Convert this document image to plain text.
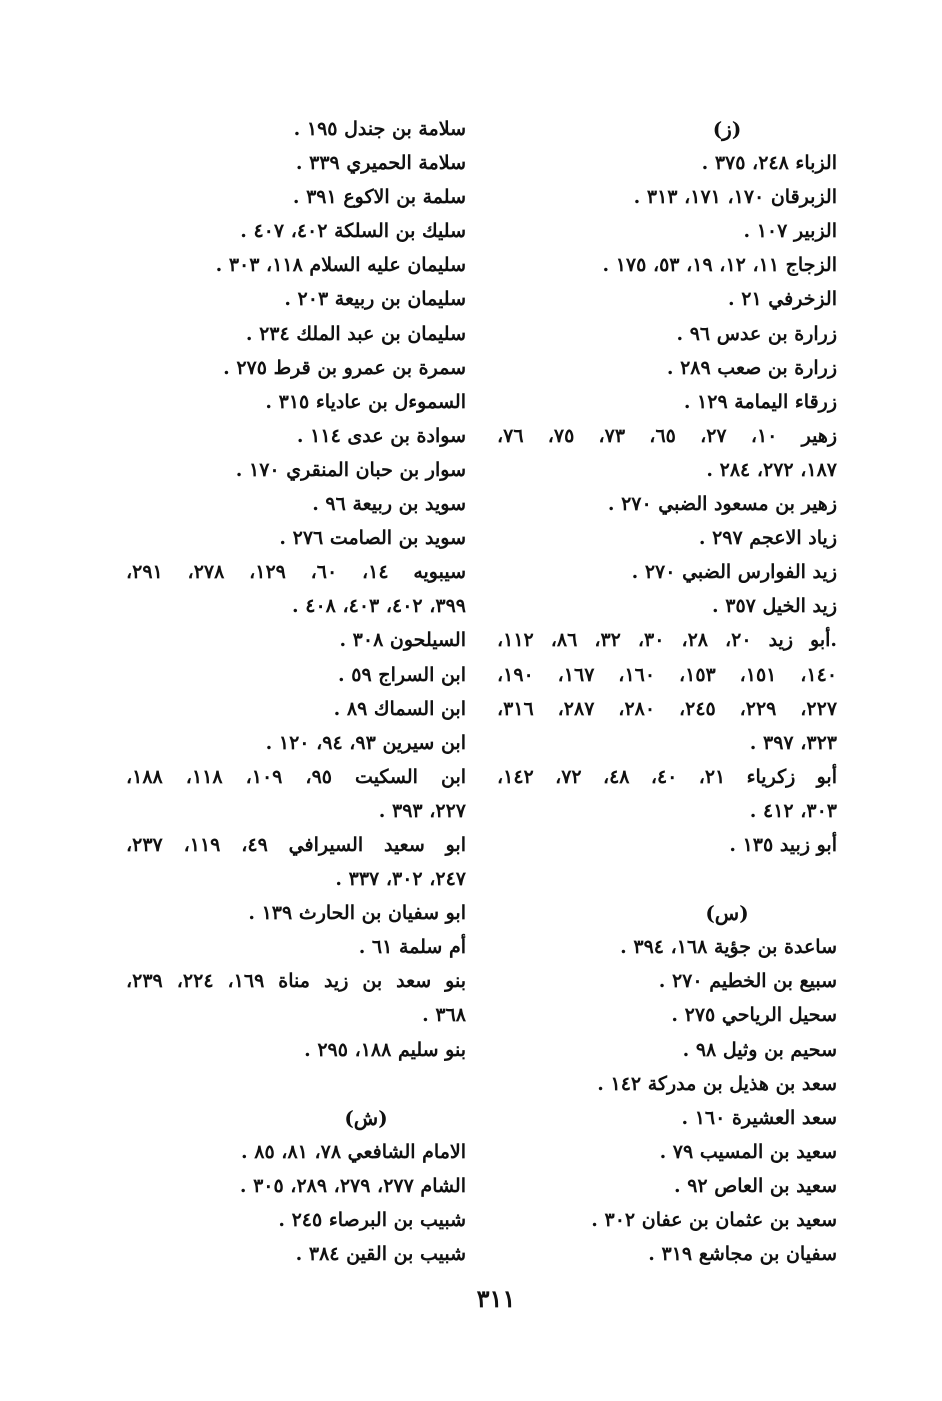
(ز)
الزباء ٢٤٨، ٣٧٥ .
الزبرقان ١٧٠، ١٧١، ٣١٣ .
الزبير ١٠٧ .
الزجاج ١١، ١٢، ١٩، ٥٣، ١٧٥ .
الزخرفي ٢١ .
زرارة بن عدس ٩٦ .
زرارة بن صعب ٢٨٩ .
زرقاء اليمامة ١٢٩ .
زهير ١٠، ٢٧، ٦٥، ٧٣، ٧٥، ٧٦،
١٨٧، ٢٧٢، ٢٨٤ .
زهير بن مسعود الضبي ٢٧٠ .
زياد الاعجم ٢٩٧ .
زيد الفوارس الضبي ٢٧٠ .
زيد الخيل ٣٥٧ .
.أبو زيد ٢٠، ٢٨، ٣٠، ٣٢، ٨٦، ١١٢،
١٤٠، ١٥١، ١٥٣، ١٦٠، ١٦٧، ١٩٠،
٢٢٧، ٢٢٩، ٢٤٥، ٢٨٠، ٢٨٧، ٣١٦،
٣٢٣، ٣٩٧ .
أبو زكرياء ٢١، ٤٠، ٤٨، ٧٢، ١٤٢،
٣٠٣، ٤١٢ .
أبو زبيد ١٣٥ .
(س)
ساعدة بن جؤية ١٦٨، ٣٩٤ .
سبيع بن الخطيم ٢٧٠ .
سحيل الرياحي ٢٧٥ .
سحيم بن وثيل ٩٨ .
سعد بن هذيل بن مدركة ١٤٢ .
سعد العشيرة ١٦٠ .
سعيد بن المسيب ٧٩ .
سعيد بن العاص ٩٢ .
سعيد بن عثمان بن عفان ٣٠٢ .
سفيان بن مجاشع ٣١٩ .
سلامة بن جندل ١٩٥ .
سلامة الحميري ٣٣٩ .
سلمة بن الاكوع ٣٩١ .
سليك بن السلكة ٤٠٢، ٤٠٧ .
سليمان عليه السلام ١١٨، ٣٠٣ .
سليمان بن ربيعة ٢٠٣ .
سليمان بن عبد الملك ٢٣٤ .
سمرة بن عمرو بن قرط ٢٧٥ .
السموءل بن عادياء ٣١٥ .
سوادة بن عدى ١١٤ .
سوار بن حبان المنقري ١٧٠ .
سويد بن ربيعة ٩٦ .
سويد بن الصامت ٢٧٦ .
سيبويه ١٤، ٦٠، ١٢٩، ٢٧٨، ٢٩١،
٣٩٩، ٤٠٢، ٤٠٣، ٤٠٨ .
السيلحون ٣٠٨ .
ابن السراج ٥٩ .
ابن السماك ٨٩ .
ابن سيرين ٩٣، ٩٤، ١٢٠ .
ابن السكيت ٩٥، ١٠٩، ١١٨، ١٨٨،
٢٢٧، ٣٩٣ .
ابو سعيد السيرافي ٤٩، ١١٩، ٢٣٧،
٢٤٧، ٣٠٢، ٣٣٧ .
ابو سفيان بن الحارث ١٣٩ .
أم سلمة ٦١ .
بنو سعد بن زيد مناة ١٦٩، ٢٢٤، ٢٣٩،
٣٦٨ .
بنو سليم ١٨٨، ٢٩٥ .
(ش)
الامام الشافعي ٧٨، ٨١، ٨٥ .
الشام ٢٧٧، ٢٧٩، ٢٨٩، ٣٠٥ .
شبيب بن البرصاء ٢٤٥ .
شبيب بن القين ٣٨٤ .
٣١١
